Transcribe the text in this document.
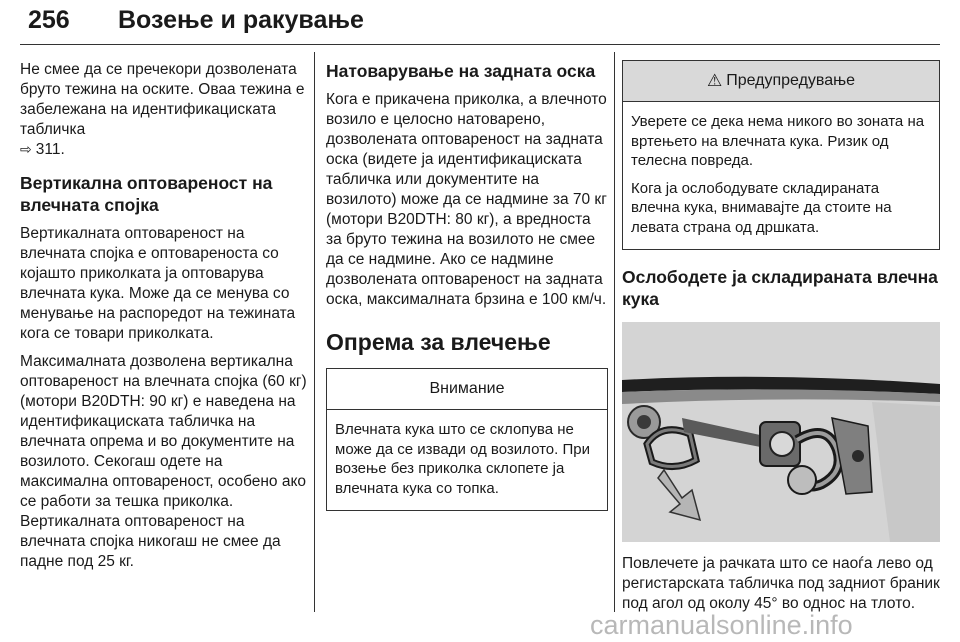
256 Возење и ракување

Не смее да се пречекори дозволената бруто тежина на оските. Оваа тежина е забележана на идентификациската табличка
⇨ 311.

Вертикална оптовареност на влечната спојка

Вертикалната оптовареност на влечната спојка е оптовареноста со којашто приколката ја оптоварува влечната кука. Може да се менува со менување на распоредот на тежината кога се товари приколката.

Максималната дозволена вертикална оптовареност на влечната спојка (60 кг) (мотори B20DTH: 90 кг) е наведена на идентификациската табличка на влечната опрема и во документите на возилото. Секогаш одете на максимална оптовареност, особено ако се работи за тешка приколка. Вертикалната оптовареност на влечната спојка никогаш не смее да падне под 25 кг.

Натоварување на задната оска

Кога е прикачена приколка, а влечното возило е целосно натоварено, дозволената оптовареност на задната оска (видете ја идентификациската табличка или документите на возилото) може да се надмине за 70 кг (мотори B20DTH: 80 кг), а вредноста за бруто тежина на возилото не смее да се надмине. Ако се надмине дозволената оптовареност на задната оска, максималната брзина е 100 км/ч.

Опрема за влечење
Внимание

Влечната кука што се склопува не може да се извади од возилото. При возење без приколка склопете ја влечната кука со топка.

⚠ Предупредување

Уверете се дека нема никого во зоната на вртењето на влечната кука. Ризик од телесна повреда.

Кога ја ослободувате складираната влечна кука, внимавајте да стоите на левата страна од дршката.

Ослободете ја складираната влечна кука

Повлечете ја рачката што се наоѓа лево од регистарската табличка под задниот браник под агол од околу 45° во однос на тлото.

carmanualsonline.info
